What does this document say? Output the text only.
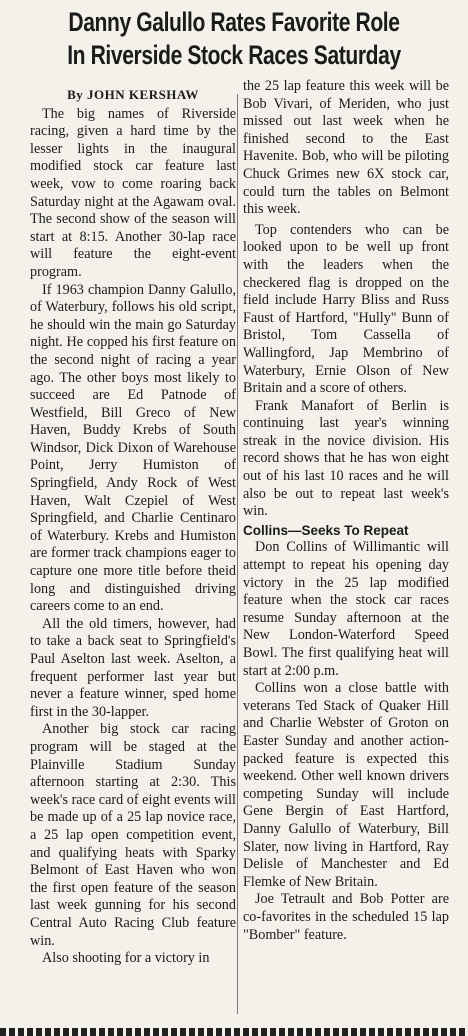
Danny Galullo Rates Favorite Role
In Riverside Stock Races Saturday
By JOHN KERSHAW

The big names of Riverside racing, given a hard time by the lesser lights in the inaugural modified stock car feature last week, vow to come roaring back Saturday night at the Agawam oval. The second show of the season will start at 8:15. Another 30-lap race will feature the eight-event program.

If 1963 champion Danny Galullo, of Waterbury, follows his old script, he should win the main go Saturday night. He copped his first feature on the second night of racing a year ago. The other boys most likely to succeed are Ed Patnode of Westfield, Bill Greco of New Haven, Buddy Krebs of South Windsor, Dick Dixon of Warehouse Point, Jerry Humiston of Springfield, Andy Rock of West Haven, Walt Czepiel of West Springfield, and Charlie Centinaro of Waterbury. Krebs and Humiston are former track champions eager to capture one more title before theid long and distinguished driving careers come to an end.

All the old timers, however, had to take a back seat to Springfield's Paul Aselton last week. Aselton, a frequent performer last year but never a feature winner, sped home first in the 30-lapper.

Another big stock car racing program will be staged at the Plainville Stadium Sunday afternoon starting at 2:30. This week's race card of eight events will be made up of a 25 lap novice race, a 25 lap open competition event, and qualifying heats with Sparky Belmont of East Haven who won the first open feature of the season last week gunning for his second Central Auto Racing Club feature win.

Also shooting for a victory in

the 25 lap feature this week will be Bob Vivari, of Meriden, who just missed out last week when he finished second to the East Havenite. Bob, who will be piloting Chuck Grimes new 6X stock car, could turn the tables on Belmont this week.

Top contenders who can be looked upon to be well up front with the leaders when the checkered flag is dropped on the field include Harry Bliss and Russ Faust of Hartford, "Hully" Bunn of Bristol, Tom Cassella of Wallingford, Jap Membrino of Waterbury, Ernie Olson of New Britain and a score of others.

Frank Manafort of Berlin is continuing last year's winning streak in the novice division. His record shows that he has won eight out of his last 10 races and he will also be out to repeat last week's win.

Collins—Seeks To Repeat

Don Collins of Willimantic will attempt to repeat his opening day victory in the 25 lap modified feature when the stock car races resume Sunday afternoon at the New London-Waterford Speed Bowl. The first qualifying heat will start at 2:00 p.m.

Collins won a close battle with veterans Ted Stack of Quaker Hill and Charlie Webster of Groton on Easter Sunday and another action-packed feature is expected this weekend. Other well known drivers competing Sunday will include Gene Bergin of East Hartford, Danny Galullo of Waterbury, Bill Slater, now living in Hartford, Ray Delisle of Manchester and Ed Flemke of New Britain.

Joe Tetrault and Bob Potter are co-favorites in the scheduled 15 lap "Bomber" feature.
